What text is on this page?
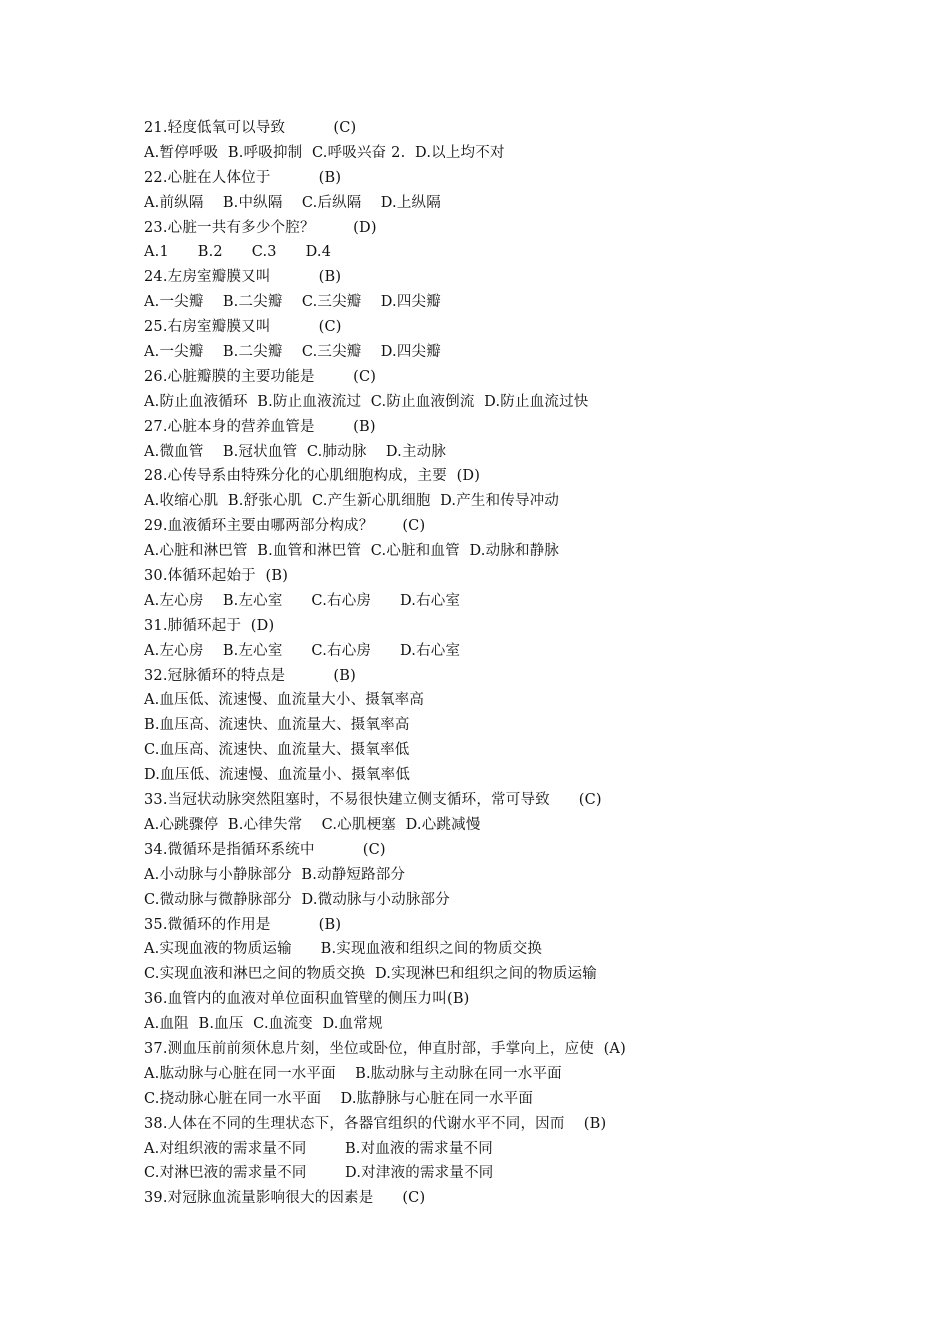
21.轻度低氧可以导致          (C)
A.暂停呼吸  B.呼吸抑制  C.呼吸兴奋 2.  D.以上均不对
22.心脏在人体位于          (B)
A.前纵隔    B.中纵隔    C.后纵隔    D.上纵隔
23.心脏一共有多少个腔？        (D)
A.1      B.2      C.3      D.4
24.左房室瓣膜又叫          (B)
A.一尖瓣    B.二尖瓣    C.三尖瓣    D.四尖瓣
25.右房室瓣膜又叫          (C)
A.一尖瓣    B.二尖瓣    C.三尖瓣    D.四尖瓣
26.心脏瓣膜的主要功能是        (C)
A.防止血液循环  B.防止血液流过  C.防止血液倒流  D.防止血流过快
27.心脏本身的营养血管是        (B)
A.微血管    B.冠状血管  C.肺动脉    D.主动脉
28.心传导系由特殊分化的心肌细胞构成，主要  (D)
A.收缩心肌  B.舒张心肌  C.产生新心肌细胞  D.产生和传导冲动
29.血液循环主要由哪两部分构成？      (C)
A.心脏和淋巴管  B.血管和淋巴管  C.心脏和血管  D.动脉和静脉
30.体循环起始于  (B)
A.左心房    B.左心室      C.右心房      D.右心室
31.肺循环起于  (D)
A.左心房    B.左心室      C.右心房      D.右心室
32.冠脉循环的特点是          (B)
A.血压低、流速慢、血流量大小、摄氧率高
B.血压高、流速快、血流量大、摄氧率高
C.血压高、流速快、血流量大、摄氧率低
D.血压低、流速慢、血流量小、摄氧率低
33.当冠状动脉突然阻塞时，不易很快建立侧支循环，常可导致      (C)
A.心跳骤停  B.心律失常    C.心肌梗塞  D.心跳减慢
34.微循环是指循环系统中          (C)
A.小动脉与小静脉部分  B.动静短路部分
C.微动脉与微静脉部分  D.微动脉与小动脉部分
35.微循环的作用是          (B)
A.实现血液的物质运输      B.实现血液和组织之间的物质交换
C.实现血液和淋巴之间的物质交换  D.实现淋巴和组织之间的物质运输
36.血管内的血液对单位面积血管壁的侧压力叫(B)
A.血阻  B.血压  C.血流变  D.血常规
37.测血压前前须休息片刻，坐位或卧位，伸直肘部，手掌向上，应使  (A)
A.肱动脉与心脏在同一水平面    B.肱动脉与主动脉在同一水平面
C.挠动脉心脏在同一水平面    D.肱静脉与心脏在同一水平面
38.人体在不同的生理状态下，各器官组织的代谢水平不同，因而    (B)
A.对组织液的需求量不同        B.对血液的需求量不同
C.对淋巴液的需求量不同        D.对津液的需求量不同
39.对冠脉血流量影响很大的因素是      (C)
